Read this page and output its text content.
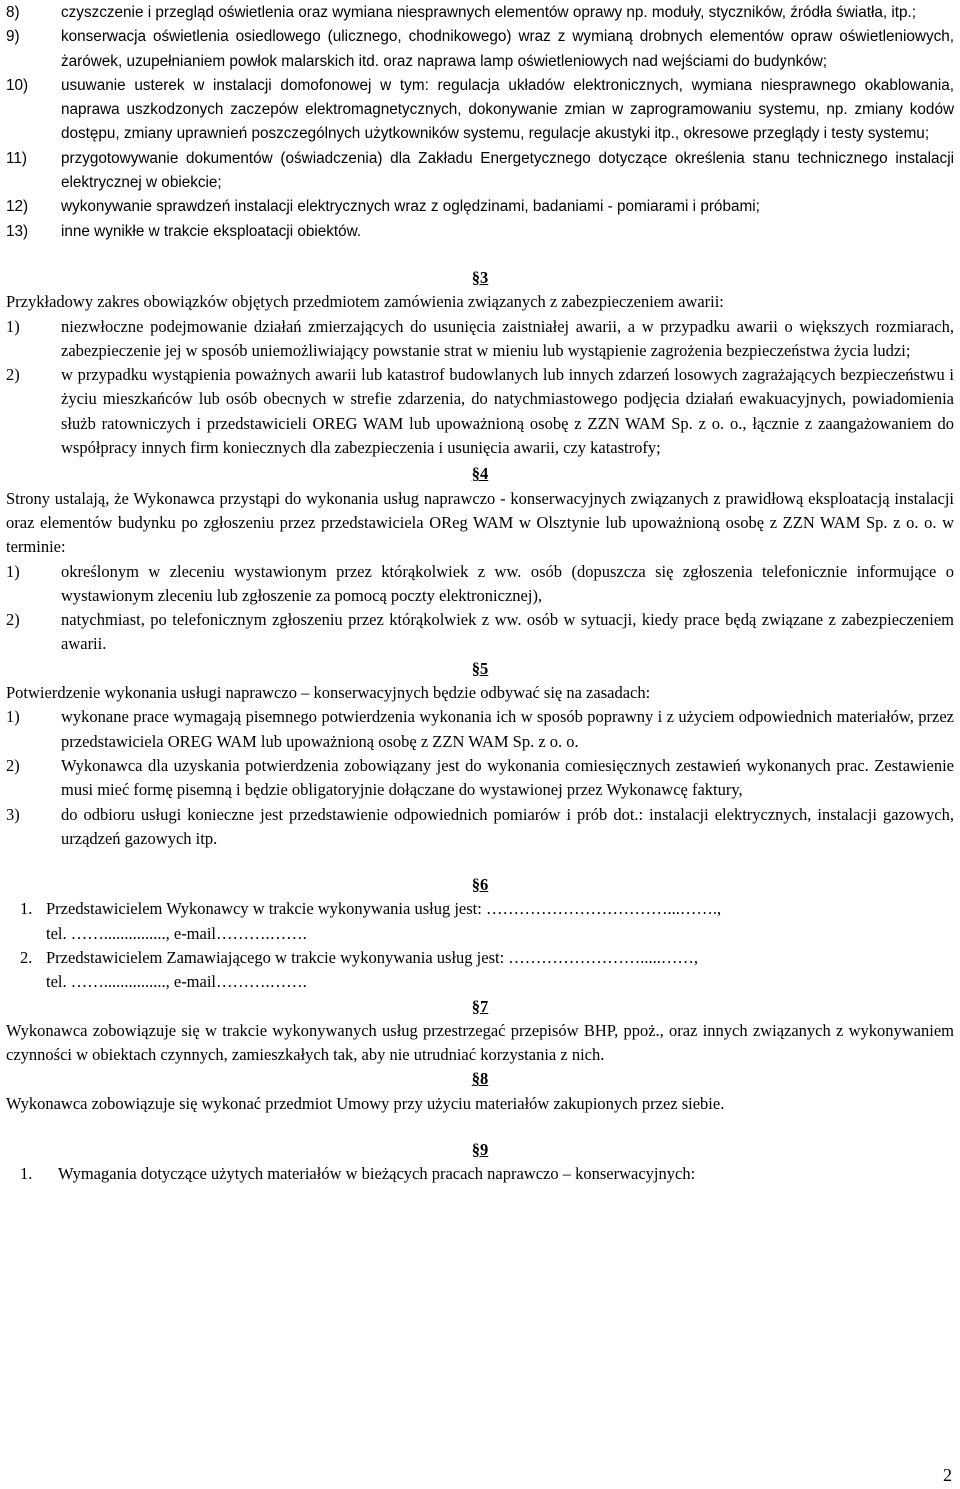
8)	czyszczenie i przegląd oświetlenia oraz wymiana niesprawnych elementów oprawy np. moduły, styczników, źródła światła, itp.;
9)	konserwacja oświetlenia osiedlowego (ulicznego, chodnikowego) wraz z wymianą drobnych elementów opraw oświetleniowych, żarówek, uzupełnianiem powłok malarskich itd. oraz naprawa lamp oświetleniowych nad wejściami do budynków;
10) usuwanie usterek w instalacji domofonowej w tym: regulacja układów elektronicznych, wymiana niesprawnego okablowania, naprawa uszkodzonych zaczepów elektromagnetycznych, dokonywanie zmian w zaprogramowaniu systemu, np. zmiany kodów dostępu, zmiany uprawnień poszczególnych użytkowników systemu, regulacje akustyki itp., okresowe przeglądy i testy systemu;
11) przygotowywanie dokumentów (oświadczenia) dla Zakładu Energetycznego dotyczące określenia stanu technicznego instalacji elektrycznej w obiekcie;
12) wykonywanie sprawdzeń instalacji elektrycznych wraz z oględzinami, badaniami - pomiarami i próbami;
13) inne wynikłe w trakcie eksploatacji obiektów.

§3

Przykładowy zakres obowiązków objętych przedmiotem zamówienia związanych z zabezpieczeniem awarii:

1)	niezwłoczne podejmowanie działań zmierzających do usunięcia zaistniałej awarii, a w przypadku awarii o większych rozmiarach, zabezpieczenie jej w sposób uniemożliwiający powstanie strat w mieniu lub wystąpienie zagrożenia bezpieczeństwa życia ludzi;
2)	w przypadku wystąpienia poważnych awarii lub katastrof budowlanych lub innych zdarzeń losowych zagrażających bezpieczeństwu i życiu mieszkańców lub osób obecnych w strefie zdarzenia, do natychmiastowego podjęcia działań ewakuacyjnych, powiadomienia służb ratowniczych i przedstawicieli OREG WAM lub upoważnioną osobę z ZZN WAM Sp. z o. o., łącznie z zaangażowaniem do współpracy innych firm koniecznych dla zabezpieczenia i usunięcia awarii, czy katastrofy;

§4

Strony ustalają, że Wykonawca przystąpi do wykonania usług naprawczo - konserwacyjnych związanych z prawidłową eksploatacją instalacji oraz elementów budynku po zgłoszeniu przez przedstawiciela OReg WAM w Olsztynie lub upoważnioną osobę z ZZN WAM Sp. z o. o. w terminie:

1)	określonym w zleceniu wystawionym przez którąkolwiek z ww. osób (dopuszcza się zgłoszenia telefonicznie informujące o wystawionym zleceniu lub zgłoszenie za pomocą poczty elektronicznej),
2)	natychmiast, po telefonicznym zgłoszeniu przez którąkolwiek z ww. osób w sytuacji, kiedy prace będą związane z zabezpieczeniem awarii.

§5

Potwierdzenie wykonania usługi naprawczo – konserwacyjnych będzie odbywać się na zasadach:

1)	wykonane prace wymagają pisemnego potwierdzenia wykonania ich w sposób poprawny i z użyciem odpowiednich materiałów, przez przedstawiciela OREG WAM lub upoważnioną osobę z ZZN WAM Sp. z o. o.
2)	Wykonawca dla uzyskania potwierdzenia zobowiązany jest do wykonania comiesięcznych zestawień wykonanych prac. Zestawienie musi mieć formę pisemną i będzie obligatoryjnie dołączane do wystawionej przez Wykonawcę faktury,
3)	do odbioru usługi konieczne jest przedstawienie odpowiednich pomiarów i prób dot.: instalacji elektrycznych, instalacji gazowych, urządzeń gazowych itp.

§6

1. Przedstawicielem Wykonawcy w trakcie wykonywania usług jest: ……………………………...…….,
tel. ……..............., e-mail……….…….
2. Przedstawicielem Zamawiającego w trakcie wykonywania usług jest: …………………….....……,
tel. ……..............., e-mail……….…….

§7

Wykonawca zobowiązuje się w trakcie wykonywanych usług przestrzegać przepisów BHP, ppoż., oraz innych związanych z wykonywaniem czynności w obiektach czynnych, zamieszkałych tak, aby nie utrudniać korzystania z nich.

§8

Wykonawca zobowiązuje się wykonać przedmiot Umowy przy użyciu materiałów zakupionych przez siebie.

§9

1. Wymagania dotyczące użytych materiałów w bieżących pracach naprawczo – konserwacyjnych:
2
